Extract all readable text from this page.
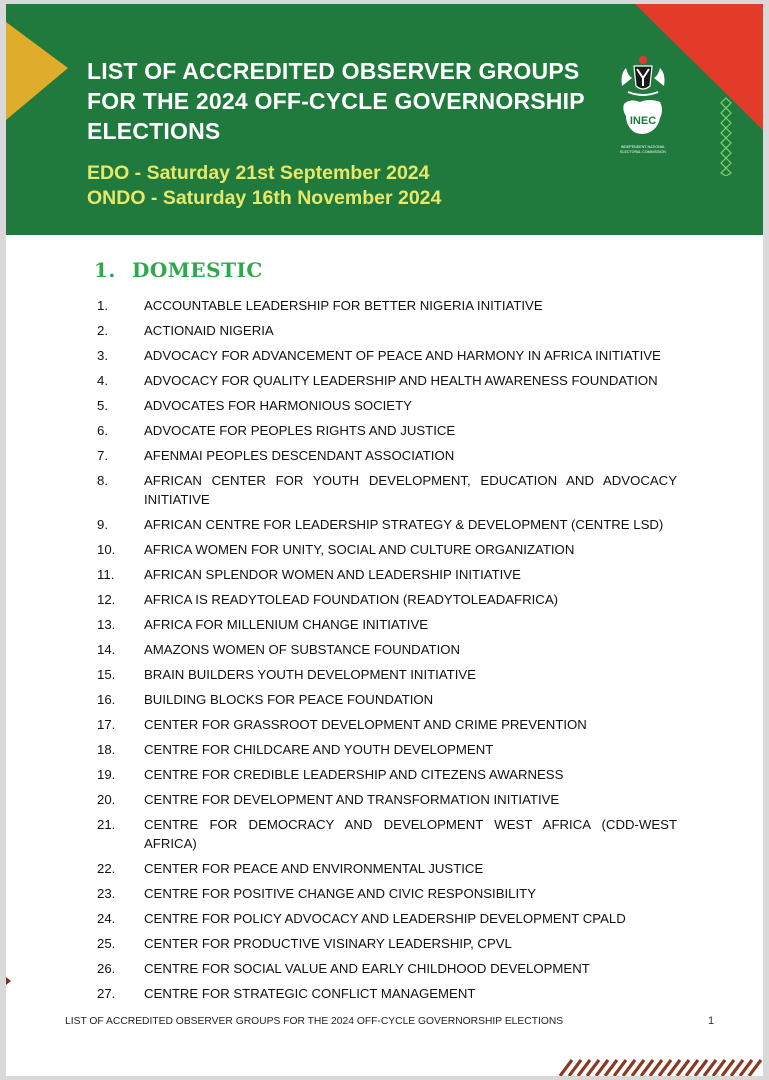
LIST OF ACCREDITED OBSERVER GROUPS
FOR THE 2024 OFF-CYCLE GOVERNORSHIP
ELECTIONS

EDO - Saturday 21st September 2024

ONDO - Saturday 16th November 2024

INEC
INDEPENDENT NATIONAL
ELECTORAL COMMISSION
1. DOMESTIC
1.	ACCOUNTABLE LEADERSHIP FOR BETTER NIGERIA INITIATIVE
2.	ACTIONAID NIGERIA
3.	ADVOCACY FOR ADVANCEMENT OF PEACE AND HARMONY IN AFRICA INITIATIVE
4.	ADVOCACY FOR QUALITY LEADERSHIP AND HEALTH AWARENESS FOUNDATION
5.	ADVOCATES FOR HARMONIOUS SOCIETY
6.	ADVOCATE FOR PEOPLES RIGHTS AND JUSTICE
7.	AFENMAI PEOPLES DESCENDANT ASSOCIATION
8.	AFRICAN CENTER FOR YOUTH DEVELOPMENT, EDUCATION AND ADVOCACY INITIATIVE
9.	AFRICAN CENTRE FOR LEADERSHIP STRATEGY & DEVELOPMENT (CENTRE LSD)
10.	AFRICA WOMEN FOR UNITY, SOCIAL AND CULTURE ORGANIZATION
11.	AFRICAN SPLENDOR WOMEN AND LEADERSHIP INITIATIVE
12.	AFRICA IS READYTOLEAD FOUNDATION (READYTOLEADAFRICA)
13.	AFRICA FOR MILLENIUM CHANGE INITIATIVE
14.	AMAZONS WOMEN OF SUBSTANCE FOUNDATION
15.	BRAIN BUILDERS YOUTH DEVELOPMENT INITIATIVE
16.	BUILDING BLOCKS FOR PEACE FOUNDATION
17.	CENTER FOR GRASSROOT DEVELOPMENT AND CRIME PREVENTION
18.	CENTRE FOR CHILDCARE AND YOUTH DEVELOPMENT
19.	CENTRE FOR CREDIBLE LEADERSHIP AND CITEZENS AWARNESS
20.	CENTRE FOR DEVELOPMENT AND TRANSFORMATION INITIATIVE
21.	CENTRE FOR DEMOCRACY AND DEVELOPMENT WEST AFRICA (CDD-WEST AFRICA)
22.	CENTER FOR PEACE AND ENVIRONMENTAL JUSTICE
23.	CENTRE FOR POSITIVE CHANGE AND CIVIC RESPONSIBILITY
24.	CENTRE FOR POLICY ADVOCACY AND LEADERSHIP DEVELOPMENT CPALD
25.	CENTER FOR PRODUCTIVE VISINARY LEADERSHIP, CPVL
26.	CENTRE FOR SOCIAL VALUE AND EARLY CHILDHOOD DEVELOPMENT
27.	CENTRE FOR STRATEGIC CONFLICT MANAGEMENT

LIST OF ACCREDITED OBSERVER GROUPS FOR THE 2024 OFF-CYCLE GOVERNORSHIP ELECTIONS	1
